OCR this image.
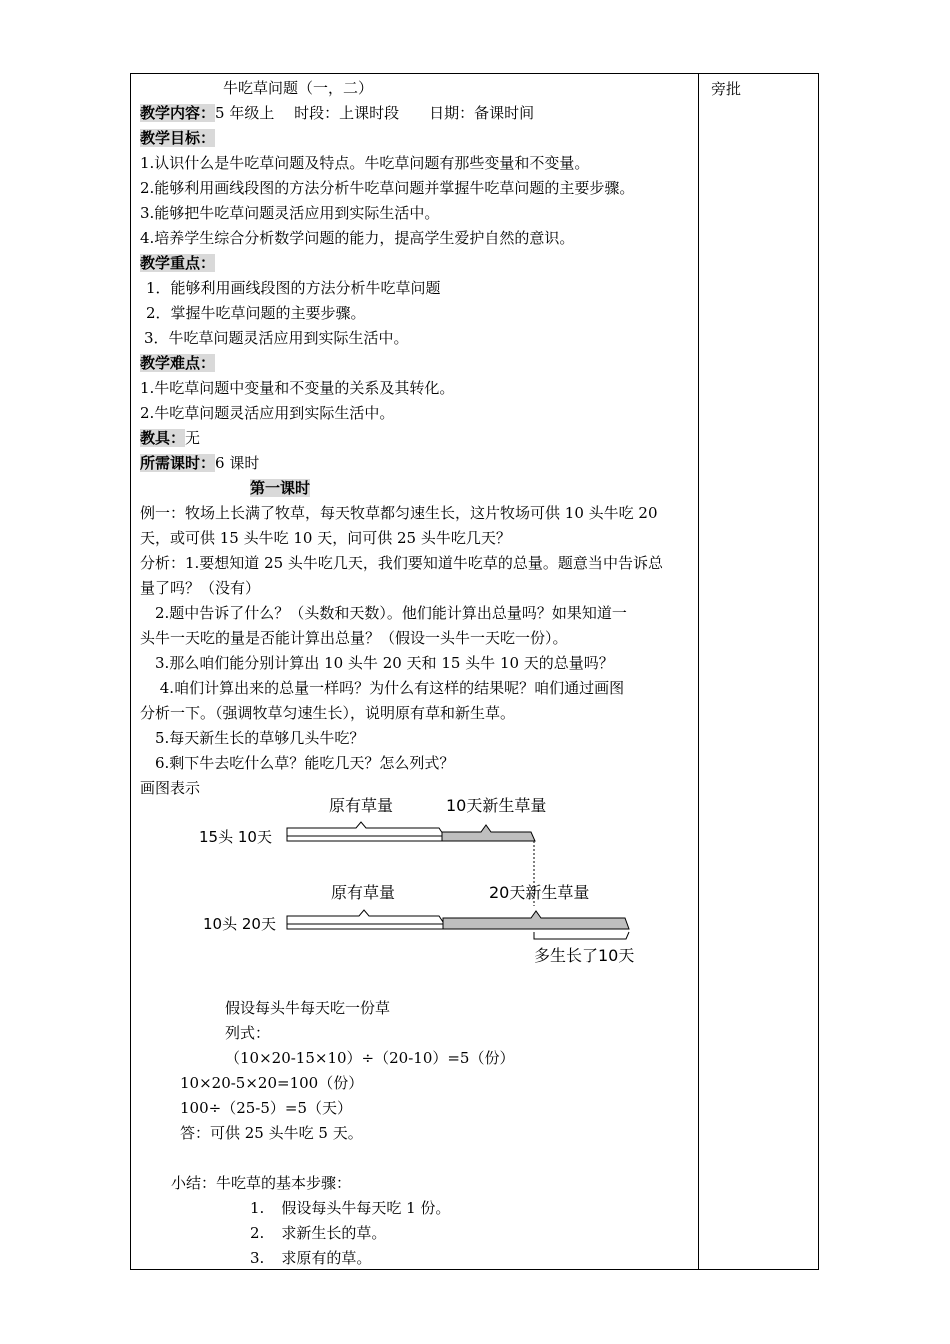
旁批
牛吃草问题（一，二）
教学内容：5 年级上　 时段：上课时段　　日期：备课时间
教学目标：
1.认识什么是牛吃草问题及特点。牛吃草问题有那些变量和不变量。
2.能够利用画线段图的方法分析牛吃草问题并掌握牛吃草问题的主要步骤。
3.能够把牛吃草问题灵活应用到实际生活中。
4.培养学生综合分析数学问题的能力，提高学生爱护自然的意识。
教学重点：
1．能够利用画线段图的方法分析牛吃草问题
2．掌握牛吃草问题的主要步骤。
3．牛吃草问题灵活应用到实际生活中。
教学难点：
1.牛吃草问题中变量和不变量的关系及其转化。
2.牛吃草问题灵活应用到实际生活中。
教具：无
所需课时：6 课时
第一课时
例一：牧场上长满了牧草，每天牧草都匀速生长，这片牧场可供 10 头牛吃 20
天，或可供 15 头牛吃 10 天，问可供 25 头牛吃几天？
分析：1.要想知道 25 头牛吃几天，我们要知道牛吃草的总量。题意当中告诉总
量了吗？（没有）
　2.题中告诉了什么？（头数和天数）。他们能计算出总量吗？如果知道一
头牛一天吃的量是否能计算出总量？（假设一头牛一天吃一份）。
　3.那么咱们能分别计算出 10 头牛 20 天和 15 头牛 10 天的总量吗？
　 4.咱们计算出来的总量一样吗？为什么有这样的结果呢？咱们通过画图
分析一下。（强调牧草匀速生长），说明原有草和新生草。
　5.每天新生长的草够几头牛吃？
　6.剩下牛去吃什么草？能吃几天？怎么列式？
画图表示
15头 10天
原有草量	10天新生草量
10头 20天
原有草量	20天新生草量
多生长了10天
假设每头牛每天吃一份草
列式：
（10×20-15×10）÷（20-10）=5（份）
10×20-5×20=100（份）
100÷（25-5）=5（天）
答：可供 25 头牛吃 5 天。
小结：牛吃草的基本步骤：
1. 假设每头牛每天吃 1 份。
2. 求新生长的草。
3. 求原有的草。
